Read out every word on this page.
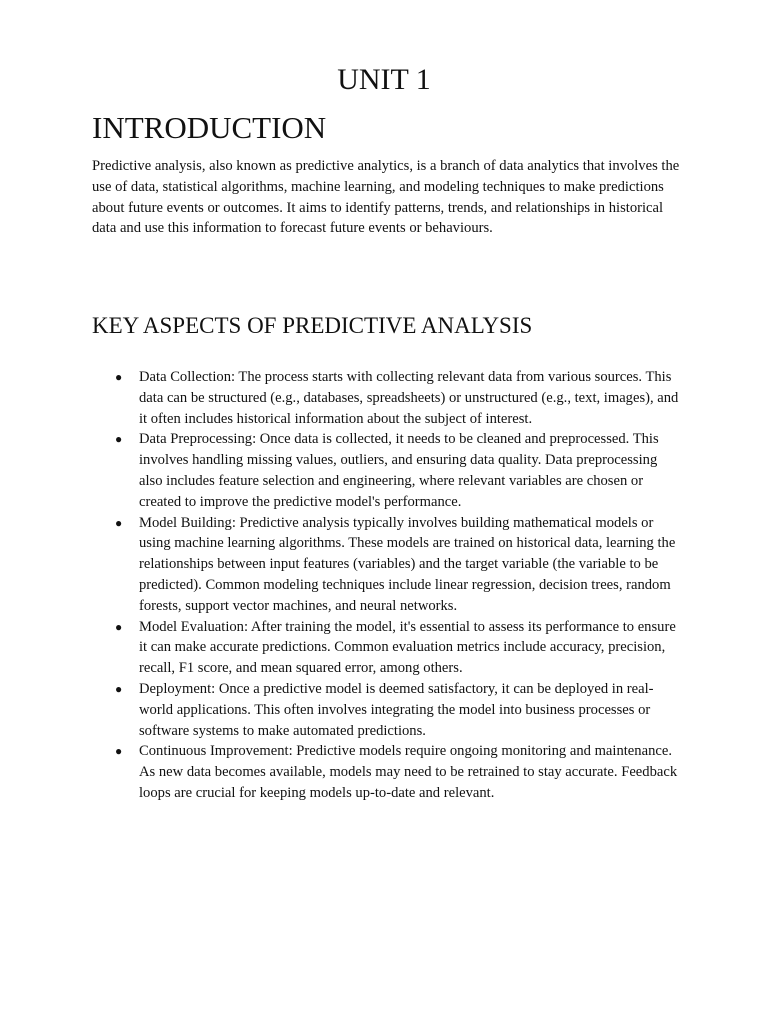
UNIT 1
INTRODUCTION

Predictive analysis, also known as predictive analytics, is a branch of data analytics that involves the use of data, statistical algorithms, machine learning, and modeling techniques to make predictions about future events or outcomes. It aims to identify patterns, trends, and relationships in historical data and use this information to forecast future events or behaviours.

KEY ASPECTS OF PREDICTIVE ANALYSIS
● Data Collection: The process starts with collecting relevant data from various sources. This data can be structured (e.g., databases, spreadsheets) or unstructured (e.g., text, images), and it often includes historical information about the subject of interest.
● Data Preprocessing: Once data is collected, it needs to be cleaned and preprocessed. This involves handling missing values, outliers, and ensuring data quality. Data preprocessing also includes feature selection and engineering, where relevant variables are chosen or created to improve the predictive model's performance.
● Model Building: Predictive analysis typically involves building mathematical models or using machine learning algorithms. These models are trained on historical data, learning the relationships between input features (variables) and the target variable (the variable to be predicted). Common modeling techniques include linear regression, decision trees, random forests, support vector machines, and neural networks.
● Model Evaluation: After training the model, it's essential to assess its performance to ensure it can make accurate predictions. Common evaluation metrics include accuracy, precision, recall, F1 score, and mean squared error, among others.
● Deployment: Once a predictive model is deemed satisfactory, it can be deployed in real-world applications. This often involves integrating the model into business processes or software systems to make automated predictions.
● Continuous Improvement: Predictive models require ongoing monitoring and maintenance. As new data becomes available, models may need to be retrained to stay accurate. Feedback loops are crucial for keeping models up-to-date and relevant.
